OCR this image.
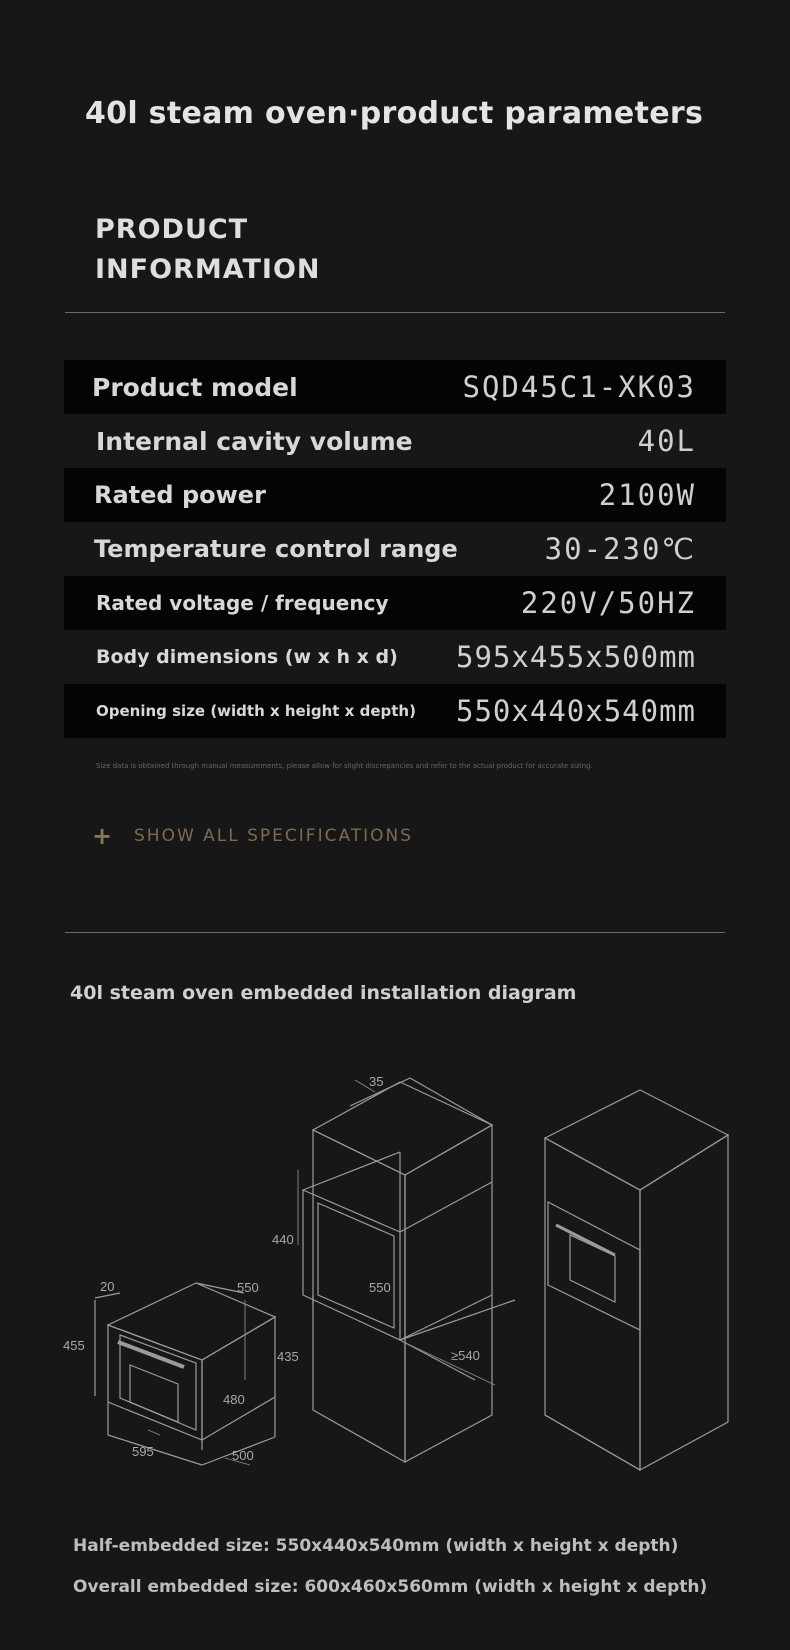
40l steam oven·product parameters
PRODUCT
INFORMATION
Product model	SQD45C1-XK03
Internal cavity volume	40L
Rated power	2100W
Temperature control range	30-230℃
Rated voltage / frequency	220V/50HZ
Body dimensions (w x h x d) 595x455x500mm
Opening size (width x height x depth) 550x440x540mm
Size data is obtained through manual measurements, please allow for slight discrepancies and refer to the actual product for accurate sizing.
+	SHOW ALL SPECIFICATIONS
40l steam oven embedded installation diagram
20	550
455
435
480
595	500
35
440
550
≥540
Half-embedded size: 550x440x540mm (width x height x depth)
Overall embedded size: 600x460x560mm (width x height x depth)
